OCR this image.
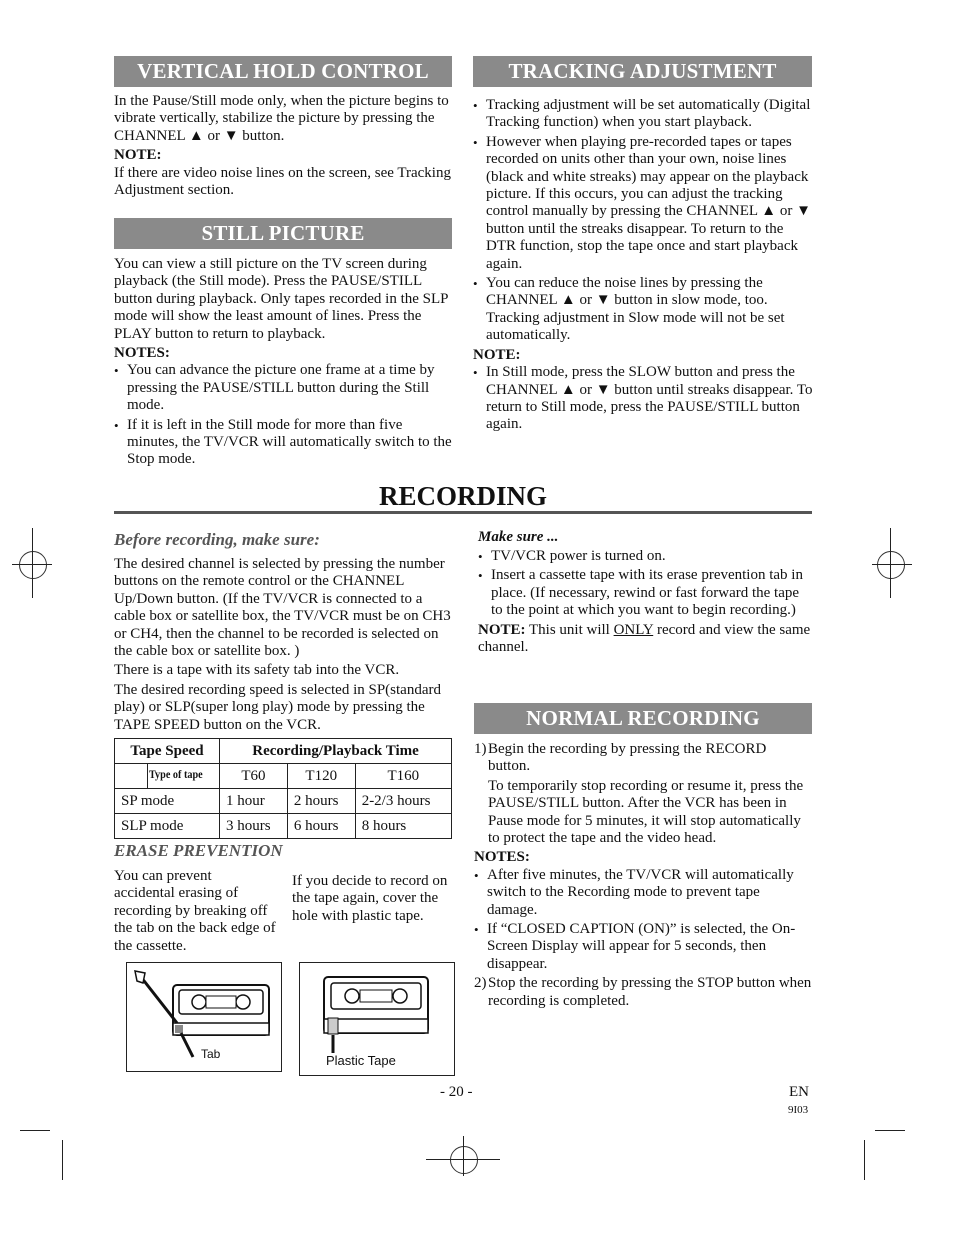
VERTICAL HOLD CONTROL

In the Pause/Still mode only, when the picture begins to vibrate vertically, stabilize the picture by pressing the CHANNEL ▲ or ▼ button.

NOTE:

If there are video noise lines on the screen, see Tracking Adjustment section.

STILL PICTURE

You can view a still picture on the TV screen during playback (the Still mode). Press the PAUSE/STILL button during playback. Only tapes recorded in the SLP mode will show the least amount of lines. Press the PLAY button to return to playback.

NOTES:
• You can advance the picture one frame at a time by pressing the PAUSE/STILL button during the Still mode.
• If it is left in the Still mode for more than five minutes, the TV/VCR will automatically switch to the Stop mode.
TRACKING ADJUSTMENT
• Tracking adjustment will be set automatically (Digital Tracking function) when you start playback.
• However when playing pre-recorded tapes or tapes recorded on units other than your own, noise lines (black and white streaks) may appear on the playback picture. If this occurs, you can adjust the tracking control manually by pressing the CHANNEL ▲ or ▼ button until the streaks disappear. To return to the DTR function, stop the tape once and start playback again.
• You can reduce the noise lines by pressing the CHANNEL ▲ or ▼ button in slow mode, too. Tracking adjustment in Slow mode will not be set automatically.
NOTE:
• In Still mode, press the SLOW button and press the CHANNEL ▲ or ▼ button until streaks disappear. To return to Still mode, press the PAUSE/STILL button again.
RECORDING
Before recording, make sure:

The desired channel is selected by pressing the number buttons on the remote control or the CHANNEL Up/Down button. (If the TV/VCR is connected to a cable box or satellite box, the TV/VCR must be on CH3 or CH4, then the channel to be recorded is selected on the cable box or satellite box. )

There is a tape with its safety tab into the VCR.

The desired recording speed is selected in SP(standard play) or SLP(super long play) mode by pressing the TAPE SPEED button on the VCR.

Tape Speed	Recording/Playback Time		

Type of tape	T60	T120	T160
SP mode	1 hour	2 hours	2-2/3 hours
SLP mode	3 hours	6 hours	8 hours
ERASE PREVENTION
You can prevent accidental erasing of recording by breaking off the tab on the back edge of the cassette.
If you decide to record on the tape again, cover the hole with plastic tape.
Tab	Plastic Tape
Make sure ...
• TV/VCR power is turned on.
• Insert a cassette tape with its erase prevention tab in place. (If necessary, rewind or fast forward the tape to the point at which you want to begin recording.)

NOTE: This unit will ONLY record and view the same channel.

NORMAL RECORDING
1) Begin the recording by pressing the RECORD button.

To temporarily stop recording or resume it, press the PAUSE/STILL button. After the VCR has been in Pause mode for 5 minutes, it will stop automatically to protect the tape and the video head.

NOTES:
• After five minutes, the TV/VCR will automatically switch to the Recording mode to prevent tape damage.
• If “CLOSED CAPTION (ON)” is selected, the On-Screen Display will appear for 5 seconds, then disappear.
2) Stop the recording by pressing the STOP button when recording is completed.

- 20 -	EN
9I03
